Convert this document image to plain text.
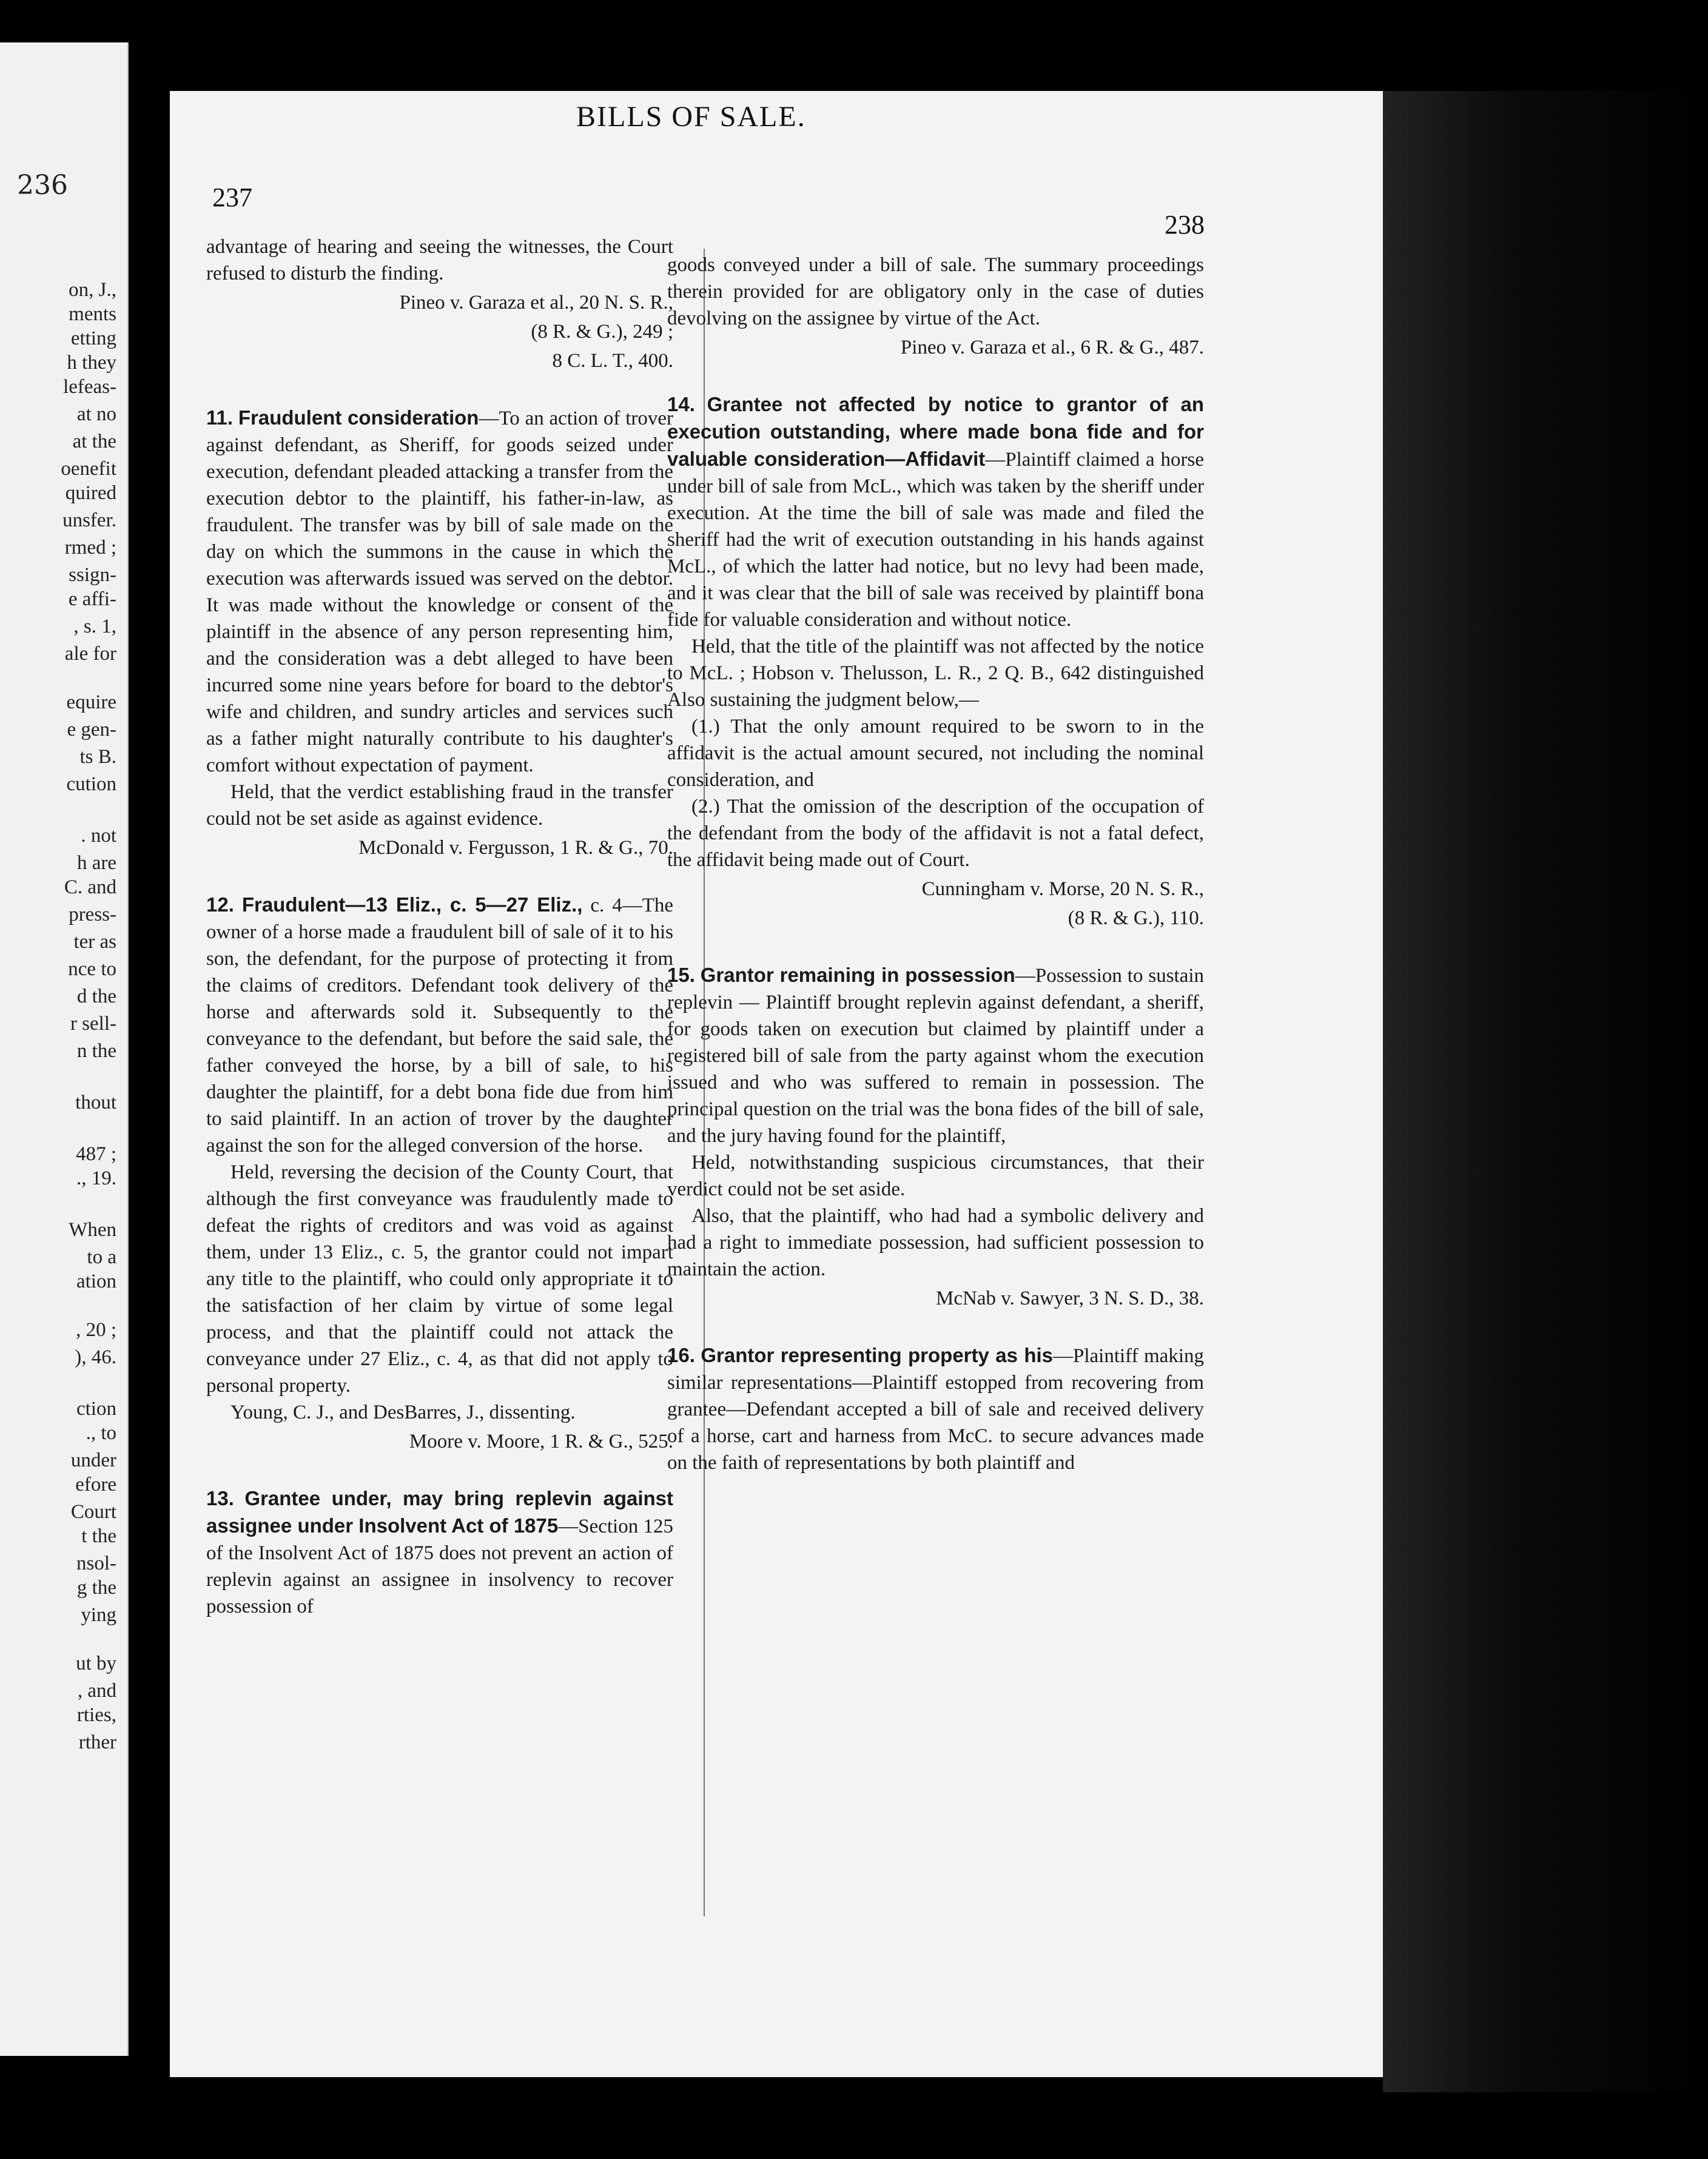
236
on, J.,
ments
etting
h they
lefeas-
at no
at the
oenefit
quired
unsfer.
rmed ;
ssign-
e affi-
, s. 1,
ale for
equire
e gen-
ts B.
cution
. not
h are
C. and
press-
ter as
nce to
d the
r sell-
n the
thout
487 ;
., 19.
When
to a
ation
, 20 ;
), 46.
ction
., to
under
efore
Court
t the
nsol-
g the
ying
ut by
, and
rties,
rther
237
BILLS OF SALE.
238

advantage of hearing and seeing the witnesses, the Court refused to disturb the finding.

Pineo v. Garaza et al., 20 N. S. R.,

(8 R. & G.), 249 ;

8 C. L. T., 400.

11. Fraudulent consideration—To an action of trover against defendant, as Sheriff, for goods seized under execution, defendant pleaded attacking a transfer from the execution debtor to the plaintiff, his father-in-law, as fraudulent. The transfer was by bill of sale made on the day on which the summons in the cause in which the execution was afterwards issued was served on the debtor. It was made without the knowledge or consent of the plaintiff in the absence of any person representing him, and the consideration was a debt alleged to have been incurred some nine years before for board to the debtor's wife and children, and sundry articles and services such as a father might naturally contribute to his daughter's comfort without expectation of payment.

Held, that the verdict establishing fraud in the transfer could not be set aside as against evidence.

McDonald v. Fergusson, 1 R. & G., 70.

12. Fraudulent—13 Eliz., c. 5—27 Eliz., c. 4—The owner of a horse made a fraudulent bill of sale of it to his son, the defendant, for the purpose of protecting it from the claims of creditors. Defendant took delivery of the horse and afterwards sold it. Subsequently to the conveyance to the defendant, but before the said sale, the father conveyed the horse, by a bill of sale, to his daughter the plaintiff, for a debt bona fide due from him to said plaintiff. In an action of trover by the daughter against the son for the alleged conversion of the horse.

Held, reversing the decision of the County Court, that although the first conveyance was fraudulently made to defeat the rights of creditors and was void as against them, under 13 Eliz., c. 5, the grantor could not impart any title to the plaintiff, who could only appropriate it to the satisfaction of her claim by virtue of some legal process, and that the plaintiff could not attack the conveyance under 27 Eliz., c. 4, as that did not apply to personal property.

Young, C. J., and DesBarres, J., dissenting.

Moore v. Moore, 1 R. & G., 525.

13. Grantee under, may bring replevin against assignee under Insolvent Act of 1875—Section 125 of the Insolvent Act of 1875 does not prevent an action of replevin against an assignee in insolvency to recover possession of

goods conveyed under a bill of sale. The summary proceedings therein provided for are obligatory only in the case of duties devolving on the assignee by virtue of the Act.

Pineo v. Garaza et al., 6 R. & G., 487.

14. Grantee not affected by notice to grantor of an execution outstanding, where made bona fide and for valuable consideration—Affidavit—Plaintiff claimed a horse under bill of sale from McL., which was taken by the sheriff under execution. At the time the bill of sale was made and filed the sheriff had the writ of execution outstanding in his hands against McL., of which the latter had notice, but no levy had been made, and it was clear that the bill of sale was received by plaintiff bona fide for valuable consideration and without notice.

Held, that the title of the plaintiff was not affected by the notice to McL. ; Hobson v. Thelusson, L. R., 2 Q. B., 642 distinguished Also sustaining the judgment below,—

(1.) That the only amount required to be sworn to in the affidavit is the actual amount secured, not including the nominal consideration, and

(2.) That the omission of the description of the occupation of the defendant from the body of the affidavit is not a fatal defect, the affidavit being made out of Court.

Cunningham v. Morse, 20 N. S. R.,

(8 R. & G.), 110.

15. Grantor remaining in possession—Possession to sustain replevin — Plaintiff brought replevin against defendant, a sheriff, for goods taken on execution but claimed by plaintiff under a registered bill of sale from the party against whom the execution issued and who was suffered to remain in possession. The principal question on the trial was the bona fides of the bill of sale, and the jury having found for the plaintiff,

Held, notwithstanding suspicious circumstances, that their verdict could not be set aside.

Also, that the plaintiff, who had had a symbolic delivery and had a right to immediate possession, had sufficient possession to maintain the action.

McNab v. Sawyer, 3 N. S. D., 38.

16. Grantor representing property as his—Plaintiff making similar representations—Plaintiff estopped from recovering from grantee—Defendant accepted a bill of sale and received delivery of a horse, cart and harness from McC. to secure advances made on the faith of representations by both plaintiff and
